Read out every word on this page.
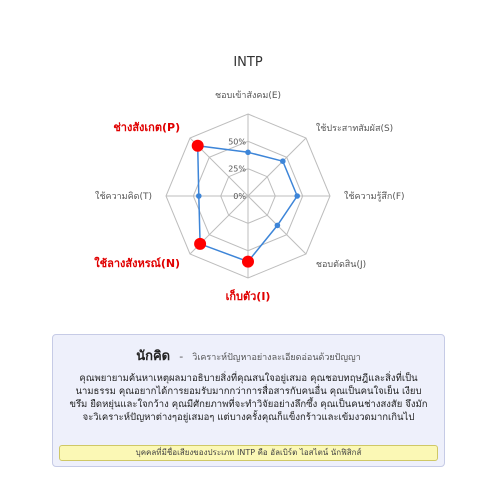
INTP
0%
25%
50%
ชอบเข้าสังคม(E)
ใช้ประสาทสัมผัส(S)
ใช้ความรู้สึก(F)
ชอบตัดสิน(J)
เก็บตัว(I)
ใช้ลางสังหรณ์(N)
ใช้ความคิด(T)
ช่างสังเกต(P)
นักคิด - วิเคราะห์ปัญหาอย่างละเอียดอ่อนด้วยปัญญา

คุณพยายามค้นหาเหตุผลมาอธิบายสิ่งที่คุณสนใจอยู่เสมอ คุณชอบทฤษฎีและสิ่งที่เป็นนามธรรม คุณอยากได้การยอมรับมากกว่าการสื่อสารกับคนอื่น คุณเป็นคนใจเย็น เงียบขรึม ยืดหยุ่นและใจกว้าง คุณมีศักยภาพที่จะทำวิจัยอย่างลึกซึ้ง คุณเป็นคนช่างสงสัย จึงมักจะวิเคราะห์ปัญหาต่างๆอยู่เสมอๆ แต่บางครั้งคุณก็แข็งกร้าวและเข้มงวดมากเกินไป

บุคคลที่มีชื่อเสียงของประเภท INTP คือ อัลเบิร์ต ไอสไตน์ นักฟิสิกส์
